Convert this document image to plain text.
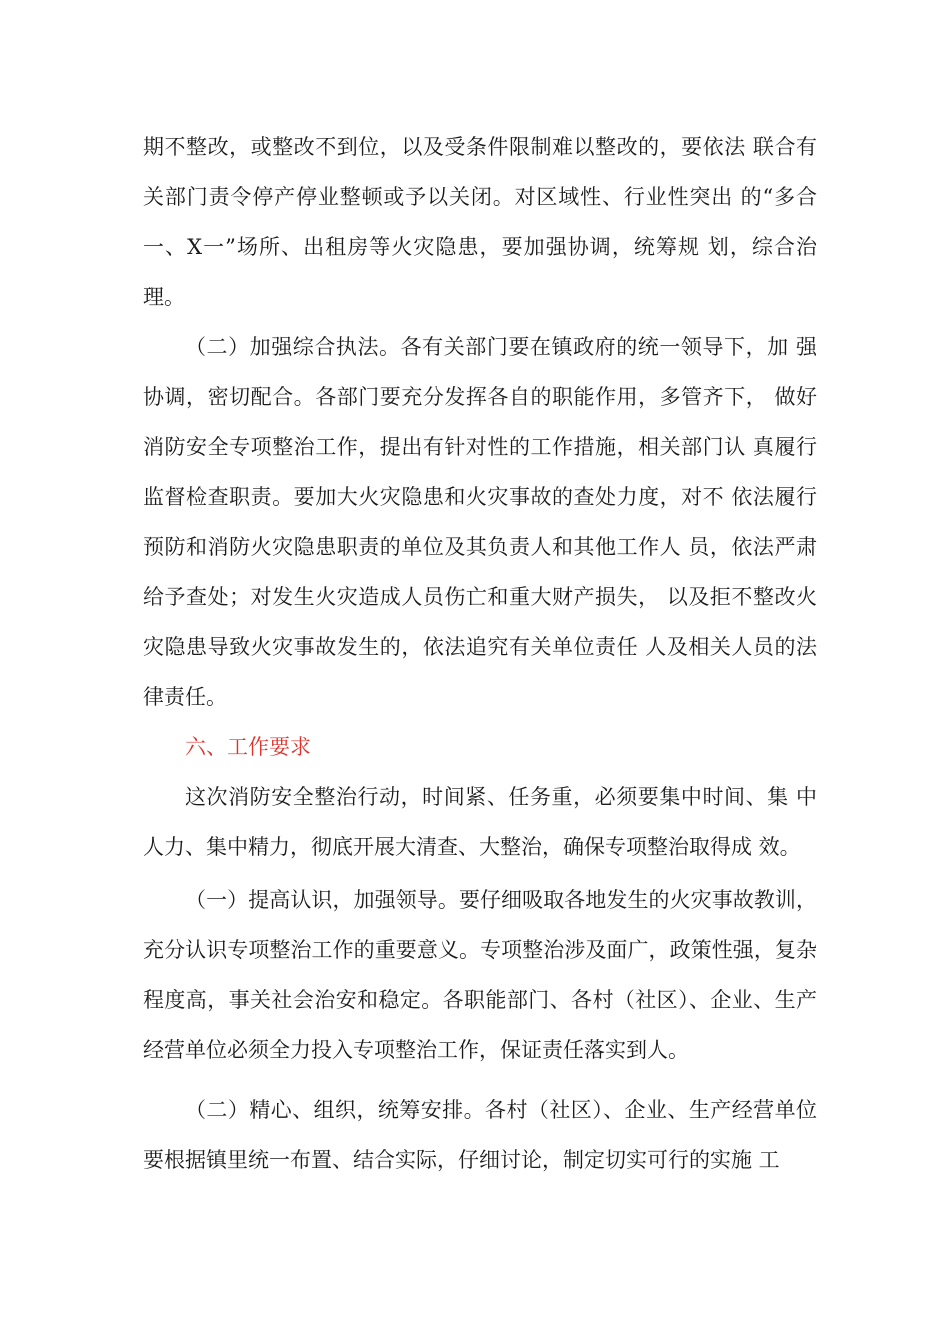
期不整改，或整改不到位，以及受条件限制难以整改的，要依法 联合有关部门责令停产停业整顿或予以关闭。对区域性、行业性突出 的“多合一、X一”场所、出租房等火灾隐患，要加强协调，统筹规 划，综合治理。

（二）加强综合执法。各有关部门要在镇政府的统一领导下，加 强协调，密切配合。各部门要充分发挥各自的职能作用，多管齐下， 做好消防安全专项整治工作，提出有针对性的工作措施，相关部门认 真履行监督检查职责。要加大火灾隐患和火灾事故的查处力度，对不 依法履行预防和消防火灾隐患职责的单位及其负责人和其他工作人 员，依法严肃给予查处；对发生火灾造成人员伤亡和重大财产损失， 以及拒不整改火灾隐患导致火灾事故发生的，依法追究有关单位责任 人及相关人员的法律责任。

六、工作要求

这次消防安全整治行动，时间紧、任务重，必须要集中时间、集 中人力、集中精力，彻底开展大清查、大整治，确保专项整治取得成 效。

（一）提高认识，加强领导。要仔细吸取各地发生的火灾事故教训，充分认识专项整治工作的重要意义。专项整治涉及面广，政策性强，复杂程度高，事关社会治安和稳定。各职能部门、各村（社区）、企业、生产经营单位必须全力投入专项整治工作，保证责任落实到人。

（二）精心、组织，统筹安排。各村（社区）、企业、生产经营单位要根据镇里统一布置、结合实际，仔细讨论，制定切实可行的实施 工
